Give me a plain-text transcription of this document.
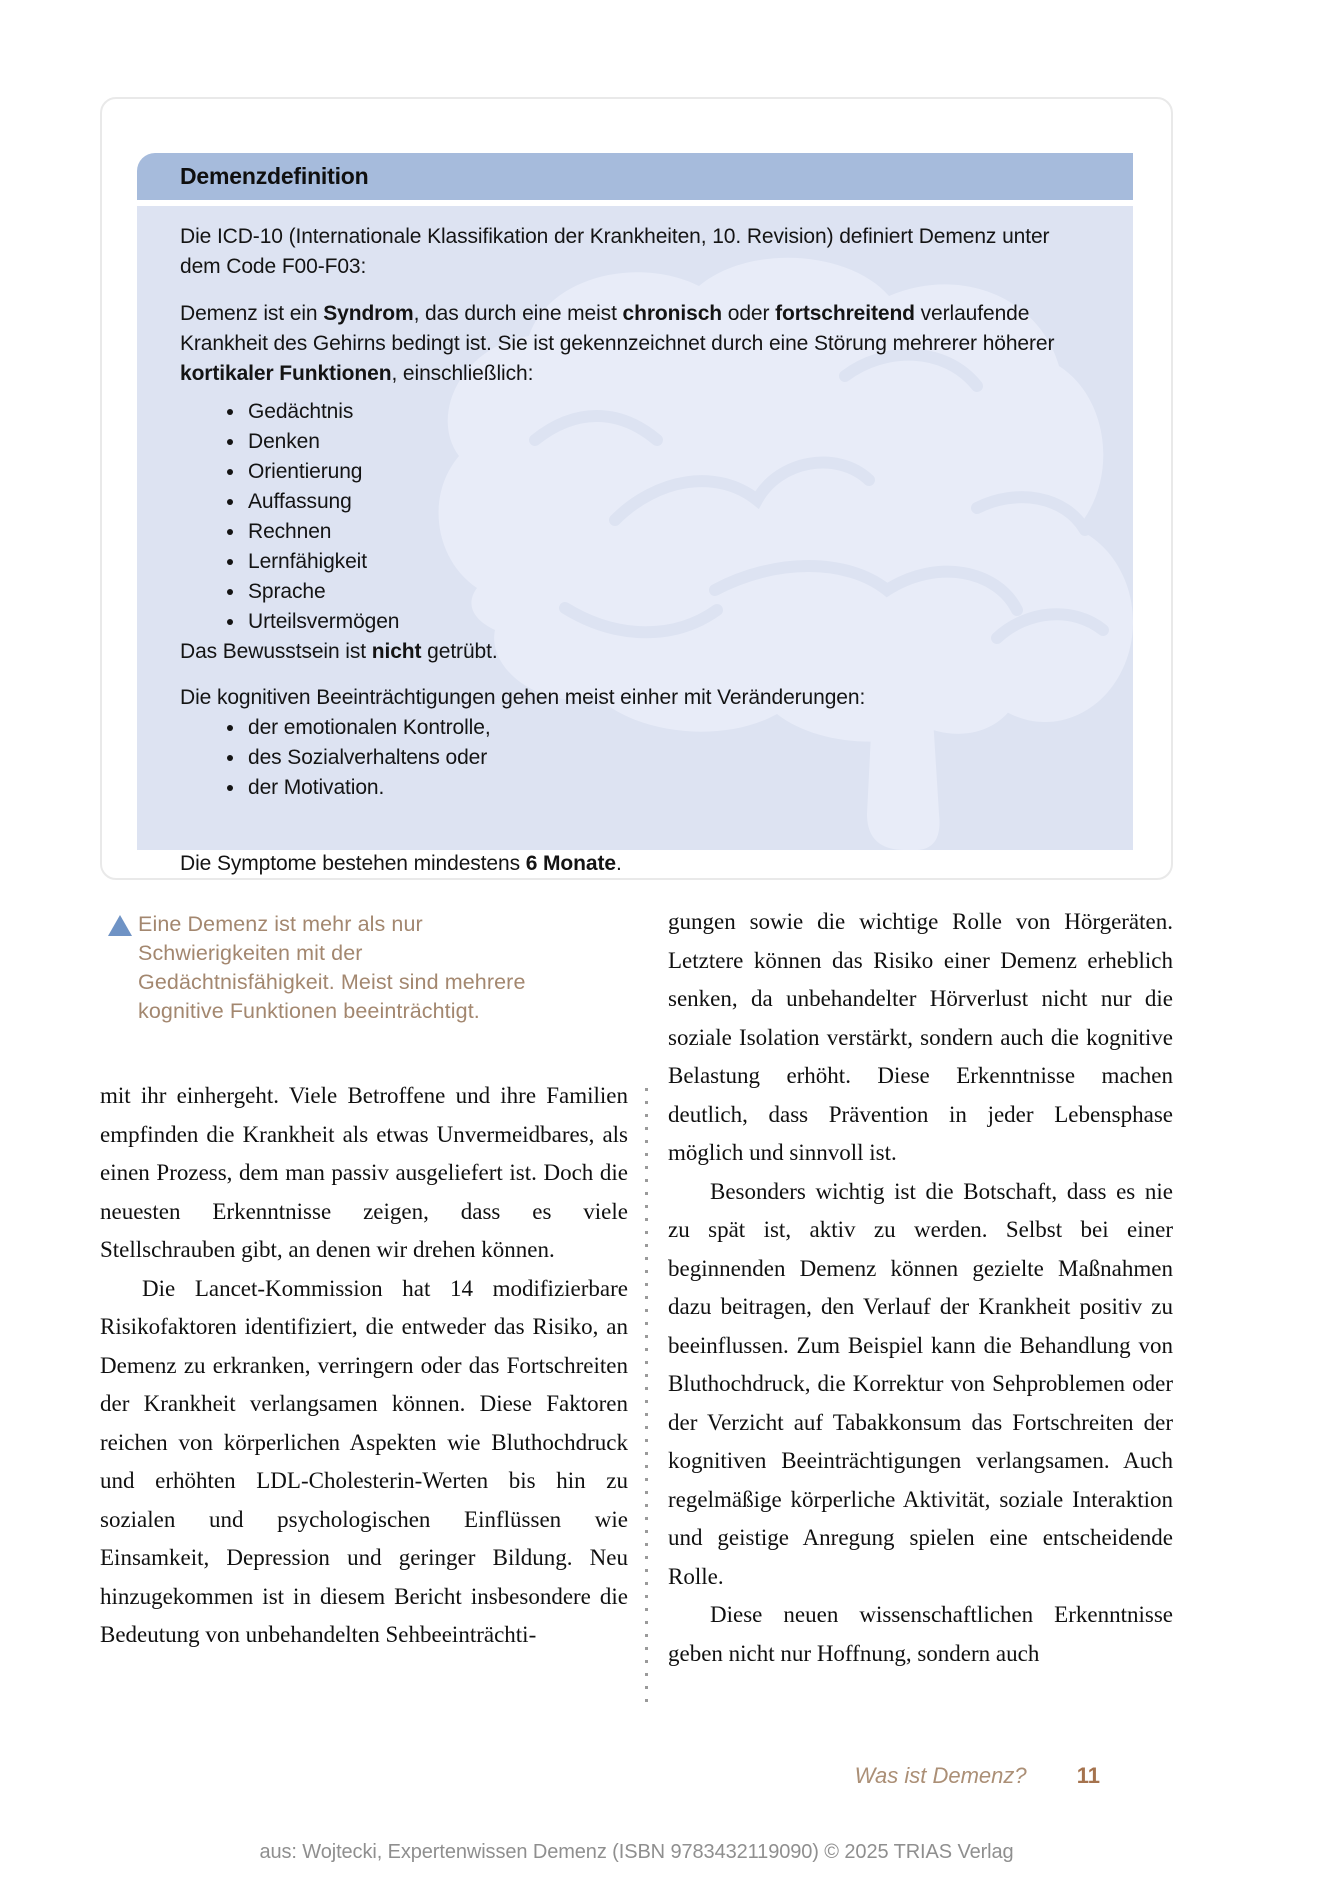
Demenzdefinition

Die ICD-10 (Internationale Klassifikation der Krankheiten, 10. Revision) definiert Demenz unter dem Code F00-F03:

Demenz ist ein Syndrom, das durch eine meist chronisch oder fortschreitend verlaufende Krankheit des Gehirns bedingt ist. Sie ist gekennzeichnet durch eine Störung mehrerer höherer kortikaler Funktionen, einschließlich:

Gedächtnis
Denken
Orientierung
Auffassung
Rechnen
Lernfähigkeit
Sprache
Urteilsvermögen

Das Bewusstsein ist nicht getrübt.

Die kognitiven Beeinträchtigungen gehen meist einher mit Veränderungen:

der emotionalen Kontrolle,
des Sozialverhaltens oder
der Motivation.

Die Symptome bestehen mindestens 6 Monate.

Eine Demenz ist mehr als nur Schwierigkeiten mit der Gedächtnisfähigkeit. Meist sind mehrere kognitive Funktionen beeinträchtigt.

mit ihr einhergeht. Viele Betroffene und ihre Familien empfinden die Krankheit als etwas Unvermeidbares, als einen Prozess, dem man passiv ausgeliefert ist. Doch die neuesten Erkenntnisse zeigen, dass es viele Stellschrauben gibt, an denen wir drehen können.

Die Lancet-Kommission hat 14 modifizierbare Risikofaktoren identifiziert, die entweder das Risiko, an Demenz zu erkranken, verringern oder das Fortschreiten der Krankheit verlangsamen können. Diese Faktoren reichen von körperlichen Aspekten wie Bluthochdruck und erhöhten LDL-Cholesterin-Werten bis hin zu sozialen und psychologischen Einflüssen wie Einsamkeit, Depression und geringer Bildung. Neu hinzugekommen ist in diesem Bericht insbesondere die Bedeutung von unbehandelten Sehbeeinträchti-

gungen sowie die wichtige Rolle von Hörgeräten. Letztere können das Risiko einer Demenz erheblich senken, da unbehandelter Hörverlust nicht nur die soziale Isolation verstärkt, sondern auch die kognitive Belastung erhöht. Diese Erkenntnisse machen deutlich, dass Prävention in jeder Lebensphase möglich und sinnvoll ist.

Besonders wichtig ist die Botschaft, dass es nie zu spät ist, aktiv zu werden. Selbst bei einer beginnenden Demenz können gezielte Maßnahmen dazu beitragen, den Verlauf der Krankheit positiv zu beeinflussen. Zum Beispiel kann die Behandlung von Bluthochdruck, die Korrektur von Sehproblemen oder der Verzicht auf Tabakkonsum das Fortschreiten der kognitiven Beeinträchtigungen verlangsamen. Auch regelmäßige körperliche Aktivität, soziale Interaktion und geistige Anregung spielen eine entscheidende Rolle.

Diese neuen wissenschaftlichen Erkenntnisse geben nicht nur Hoffnung, sondern auch

Was ist Demenz? 11
aus: Wojtecki, Expertenwissen Demenz (ISBN 9783432119090) © 2025 TRIAS Verlag
